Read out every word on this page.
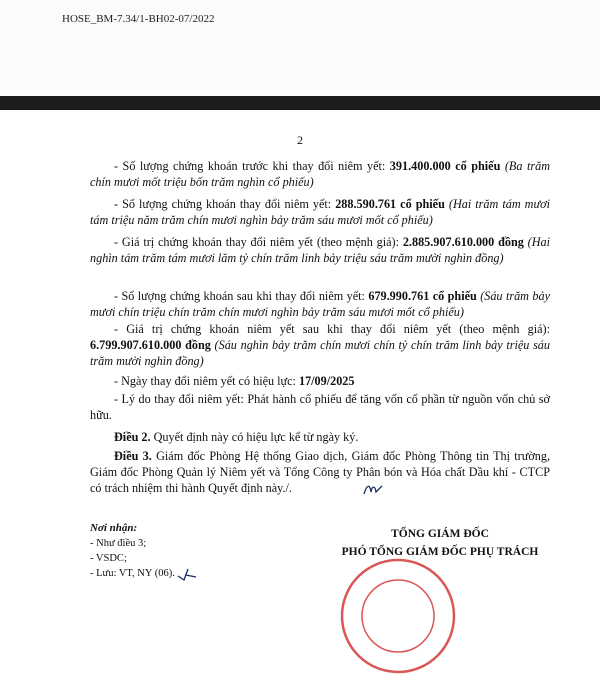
HOSE_BM-7.34/1-BH02-07/2022
2

- Số lượng chứng khoán trước khi thay đổi niêm yết: 391.400.000 cổ phiếu (Ba trăm chín mươi mốt triệu bốn trăm nghìn cổ phiếu)

- Số lượng chứng khoán thay đổi niêm yết: 288.590.761 cổ phiếu (Hai trăm tám mươi tám triệu năm trăm chín mươi nghìn bảy trăm sáu mươi mốt cổ phiếu)

- Giá trị chứng khoán thay đổi niêm yết (theo mệnh giá): 2.885.907.610.000 đồng (Hai nghìn tám trăm tám mươi lăm tỷ chín trăm linh bảy triệu sáu trăm mười nghìn đồng)

- Số lượng chứng khoán sau khi thay đổi niêm yết: 679.990.761 cổ phiếu (Sáu trăm bảy mươi chín triệu chín trăm chín mươi nghìn bảy trăm sáu mươi mốt cổ phiếu)

- Giá trị chứng khoán niêm yết sau khi thay đổi niêm yết (theo mệnh giá): 6.799.907.610.000 đồng (Sáu nghìn bảy trăm chín mươi chín tỷ chín trăm linh bảy triệu sáu trăm mười nghìn đồng)

- Ngày thay đổi niêm yết có hiệu lực: 17/09/2025

- Lý do thay đổi niêm yết: Phát hành cổ phiếu để tăng vốn cổ phần từ nguồn vốn chủ sở hữu.

Điều 2. Quyết định này có hiệu lực kể từ ngày ký.

Điều 3. Giám đốc Phòng Hệ thống Giao dịch, Giám đốc Phòng Thông tin Thị trường, Giám đốc Phòng Quản lý Niêm yết và Tổng Công ty Phân bón và Hóa chất Dầu khí - CTCP có trách nhiệm thi hành Quyết định này./.

Nơi nhận:
- Như điều 3;
- VSDC;
- Lưu: VT, NY (06).
TỔNG GIÁM ĐỐC
PHÓ TỔNG GIÁM ĐỐC PHỤ TRÁCH
